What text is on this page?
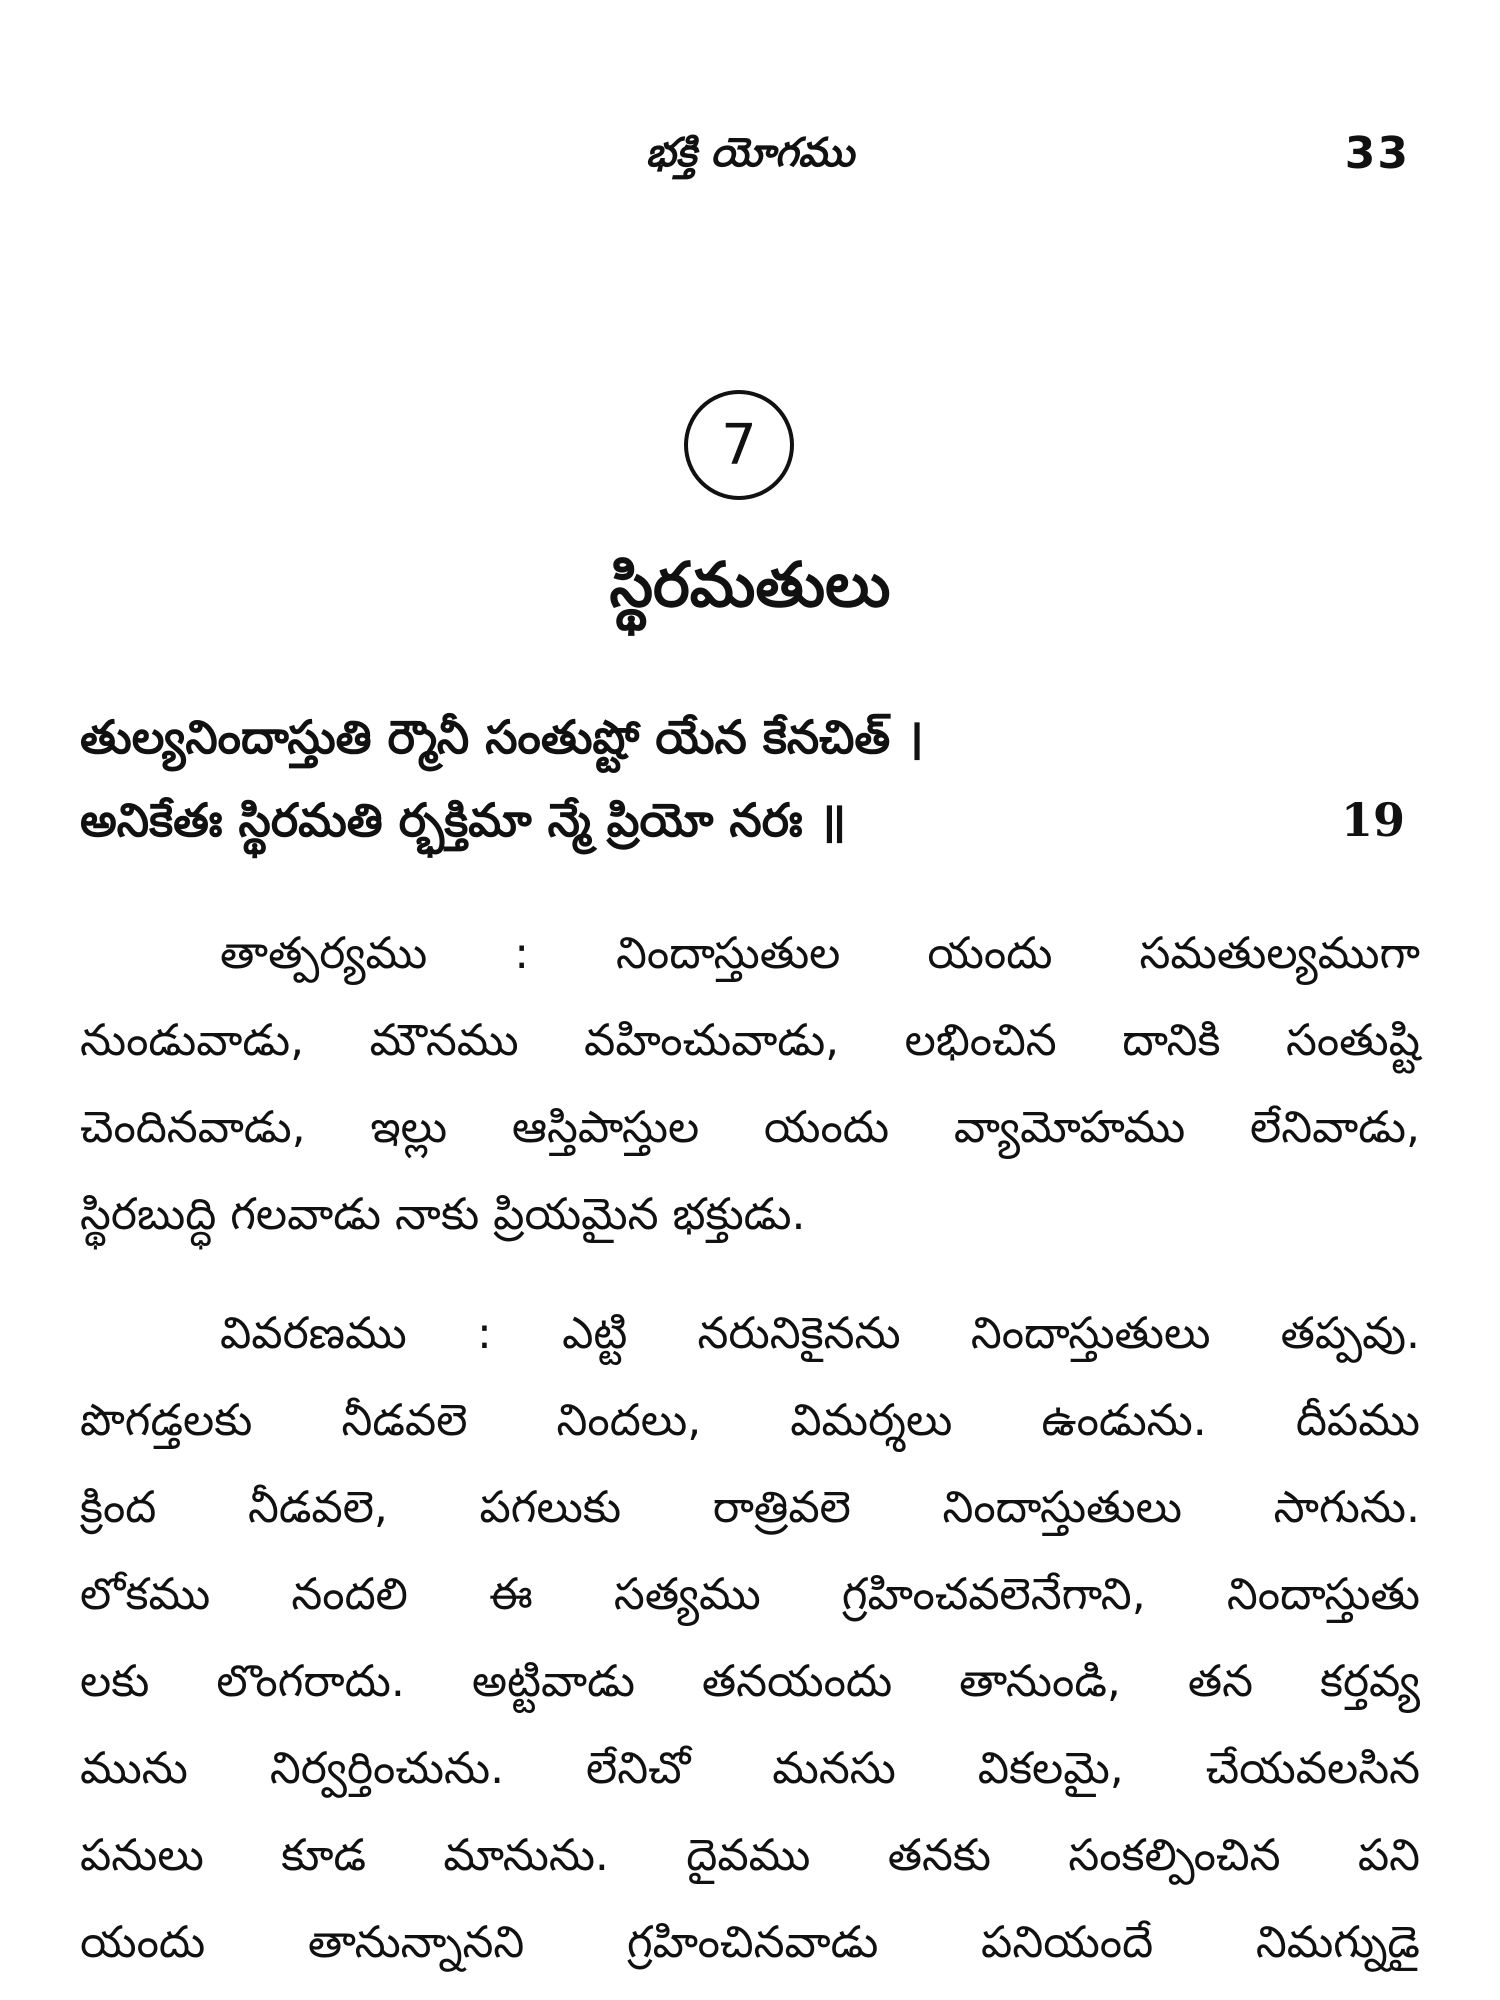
భక్తి యోగము	33
7
స్థిరమతులు
తుల్యనిందాస్తుతి ర్మౌనీ సంతుష్టో యేన కేనచిత్ ।
అనికేతః స్థిరమతి ర్భక్తిమా న్మే ప్రియో నరః ॥	19
తాత్పర్యము : నిందాస్తుతుల యందు సమతుల్యముగా
నుండువాడు, మౌనము వహించువాడు, లభించిన దానికి సంతుష్టి
చెందినవాడు, ఇల్లు ఆస్తిపాస్తుల యందు వ్యామోహము లేనివాడు,
స్థిరబుద్ధి గలవాడు నాకు ప్రియమైన భక్తుడు.
వివరణము : ఎట్టి నరునికైనను నిందాస్తుతులు తప్పవు.
పొగడ్తలకు నీడవలె నిందలు, విమర్శలు ఉండును. దీపము
క్రింద నీడవలె, పగలుకు రాత్రివలె నిందాస్తుతులు సాగును.
లోకము నందలి ఈ సత్యము గ్రహించవలెనేగాని, నిందాస్తుతు
లకు లొంగరాదు. అట్టివాడు తనయందు తానుండి, తన కర్తవ్య
మును నిర్వర్తించును. లేనిచో మనసు వికలమై, చేయవలసిన
పనులు కూడ మానును. దైవము తనకు సంకల్పించిన పని
యందు తానున్నానని గ్రహించినవాడు పనియందే నిమగ్నుడై
